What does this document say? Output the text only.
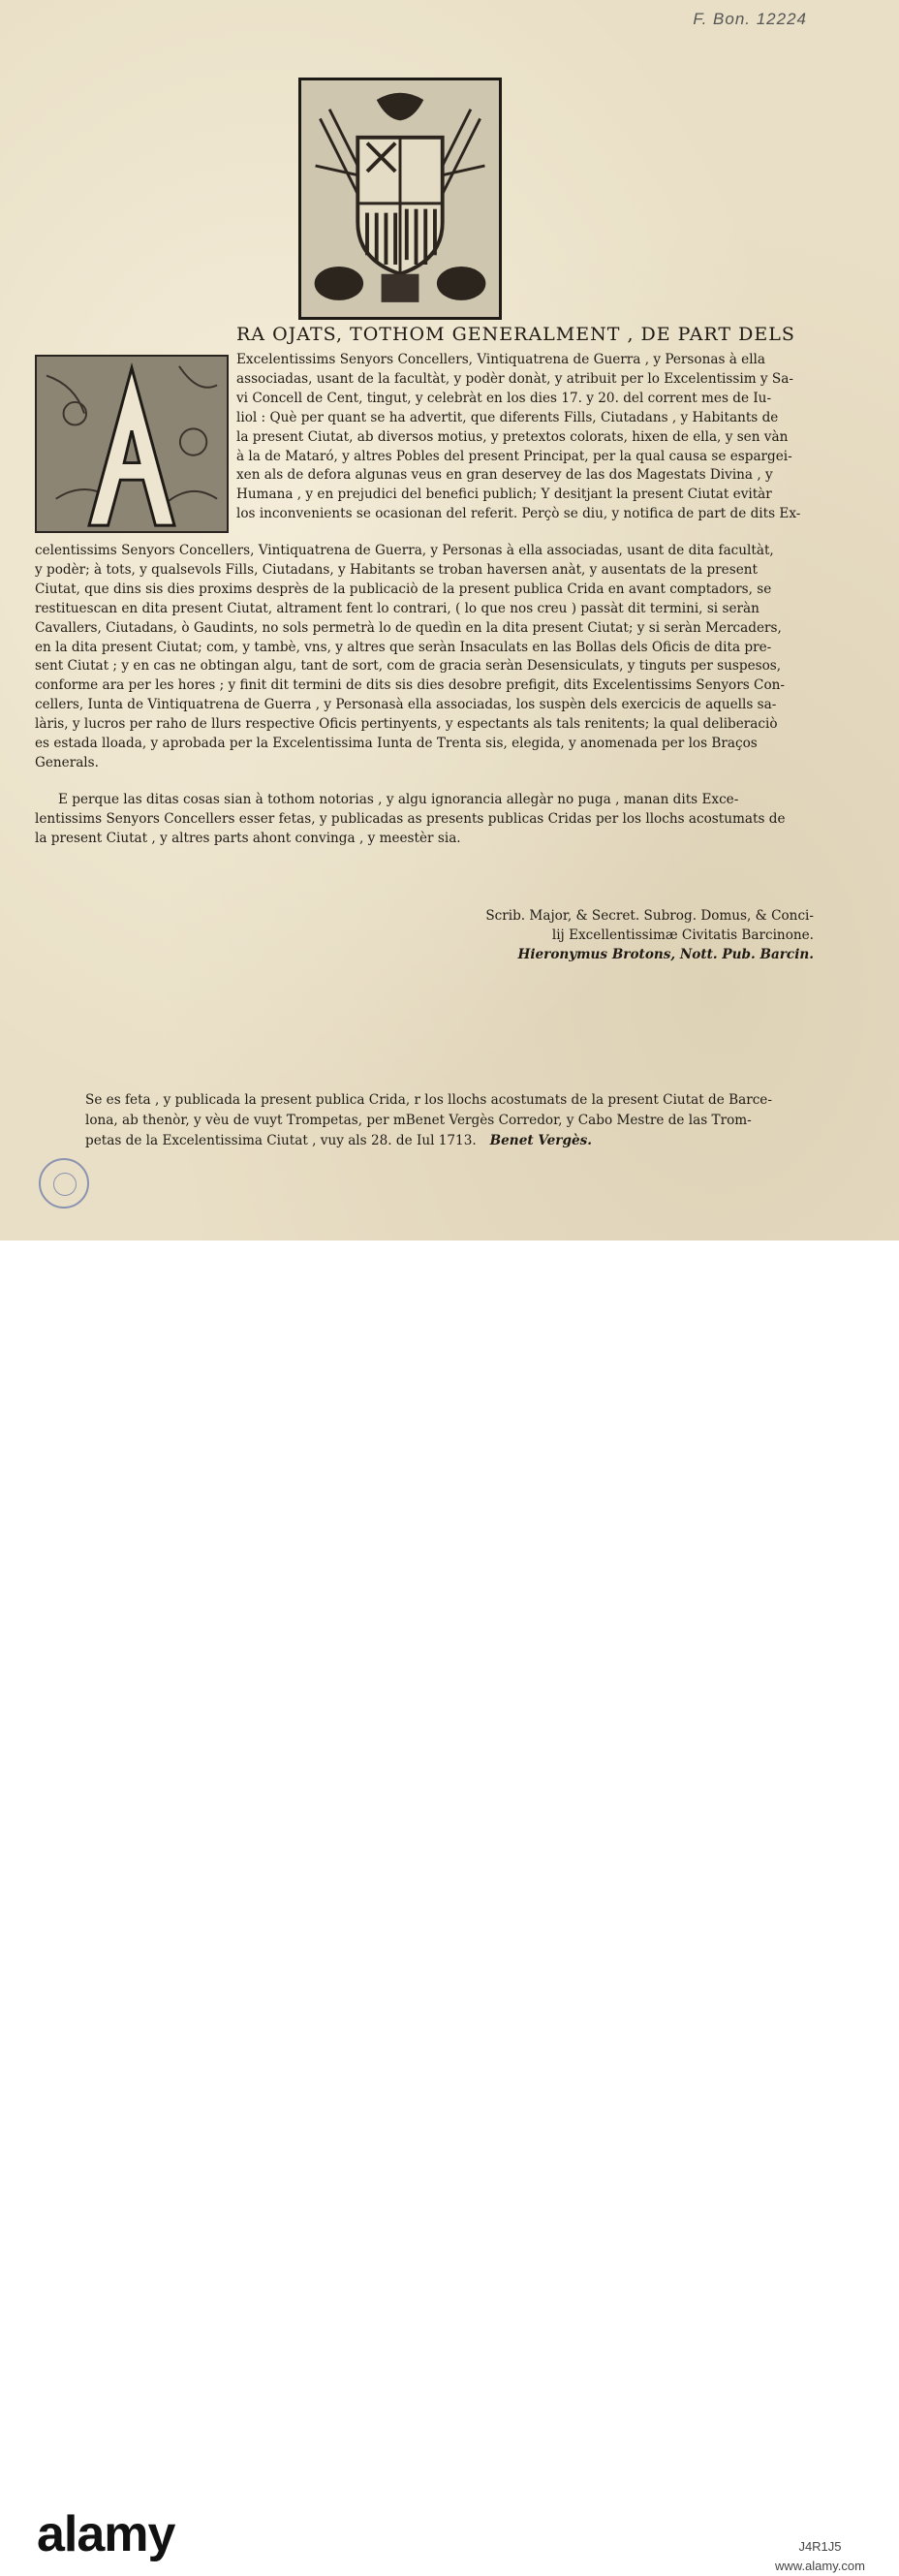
F. Bon. 12224
RA OJATS, TOTHOM GENERALMENT , DE PART DELS
Excelentissims Senyors Concellers, Vintiquatrena de Guerra , y Personas à ella
associadas, usant de la facultàt, y podèr donàt, y atribuit per lo Excelentissim y Sa-
vi Concell de Cent, tingut, y celebràt en los dies 17. y 20. del corrent mes de Iu-
liol : Què per quant se ha advertit, que diferents Fills, Ciutadans , y Habitants de
la present Ciutat, ab diversos motius, y pretextos colorats, hixen de ella, y sen vàn
à la de Mataró, y altres Pobles del present Principat, per la qual causa se espargei-
xen als de defora algunas veus en gran deservey de las dos Magestats Divina , y
Humana , y en prejudici del benefici publich; Y desitjant la present Ciutat evitàr
los inconvenients se ocasionan del referit. Perçò se diu, y notifica de part de dits Ex-
celentissims Senyors Concellers, Vintiquatrena de Guerra, y Personas à ella associadas, usant de dita facultàt,
y podèr; à tots, y qualsevols Fills, Ciutadans, y Habitants se troban haversen anàt, y ausentats de la present
Ciutat, que dins sis dies proxims desprès de la publicaciò de la present publica Crida en avant comptadors, se
restituescan en dita present Ciutat, altrament fent lo contrari, ( lo que nos creu ) passàt dit termini, si seràn
Cavallers, Ciutadans, ò Gaudints, no sols permetrà lo de quedìn en la dita present Ciutat; y si seràn Mercaders,
en la dita present Ciutat; com, y tambè, vns, y altres que seràn Insaculats en las Bollas dels Oficis de dita pre-
sent Ciutat ; y en cas ne obtingan algu, tant de sort, com de gracia seràn Desensiculats, y tinguts per suspesos,
conforme ara per les hores ; y finit dit termini de dits sis dies desobre prefigit, dits Excelentissims Senyors Con-
cellers, Iunta de Vintiquatrena de Guerra , y Personasà ella associadas, los suspèn dels exercicis de aquells sa-
làris, y lucros per raho de llurs respective Oficis pertinyents, y espectants als tals renitents; la qual deliberaciò
es estada lloada, y aprobada per la Excelentissima Iunta de Trenta sis, elegida, y anomenada per los Braços
Generals.
E perque las ditas cosas sian à tothom notorias , y algu ignorancia allegàr no puga , manan dits Exce-
lentissims Senyors Concellers esser fetas, y publicadas as presents publicas Cridas per los llochs acostumats de
la present Ciutat , y altres parts ahont convinga , y meestèr sia.
Scrib. Major, & Secret. Subrog. Domus, & Conci-
lij Excellentissimæ Civitatis Barcinone.
Hieronymus Brotons, Nott. Pub. Barcin.
Se es feta , y publicada la present publica Crida, r los llochs acostumats de la present Ciutat de Barce-
lona, ab thenòr, y vèu de vuyt Trompetas, per mBenet Vergès Corredor, y Cabo Mestre de las Trom-
petas de la Excelentissima Ciutat , vuy als 28. de Iul 1713. Benet Vergès.
alamy	J4R1J5
www.alamy.com
